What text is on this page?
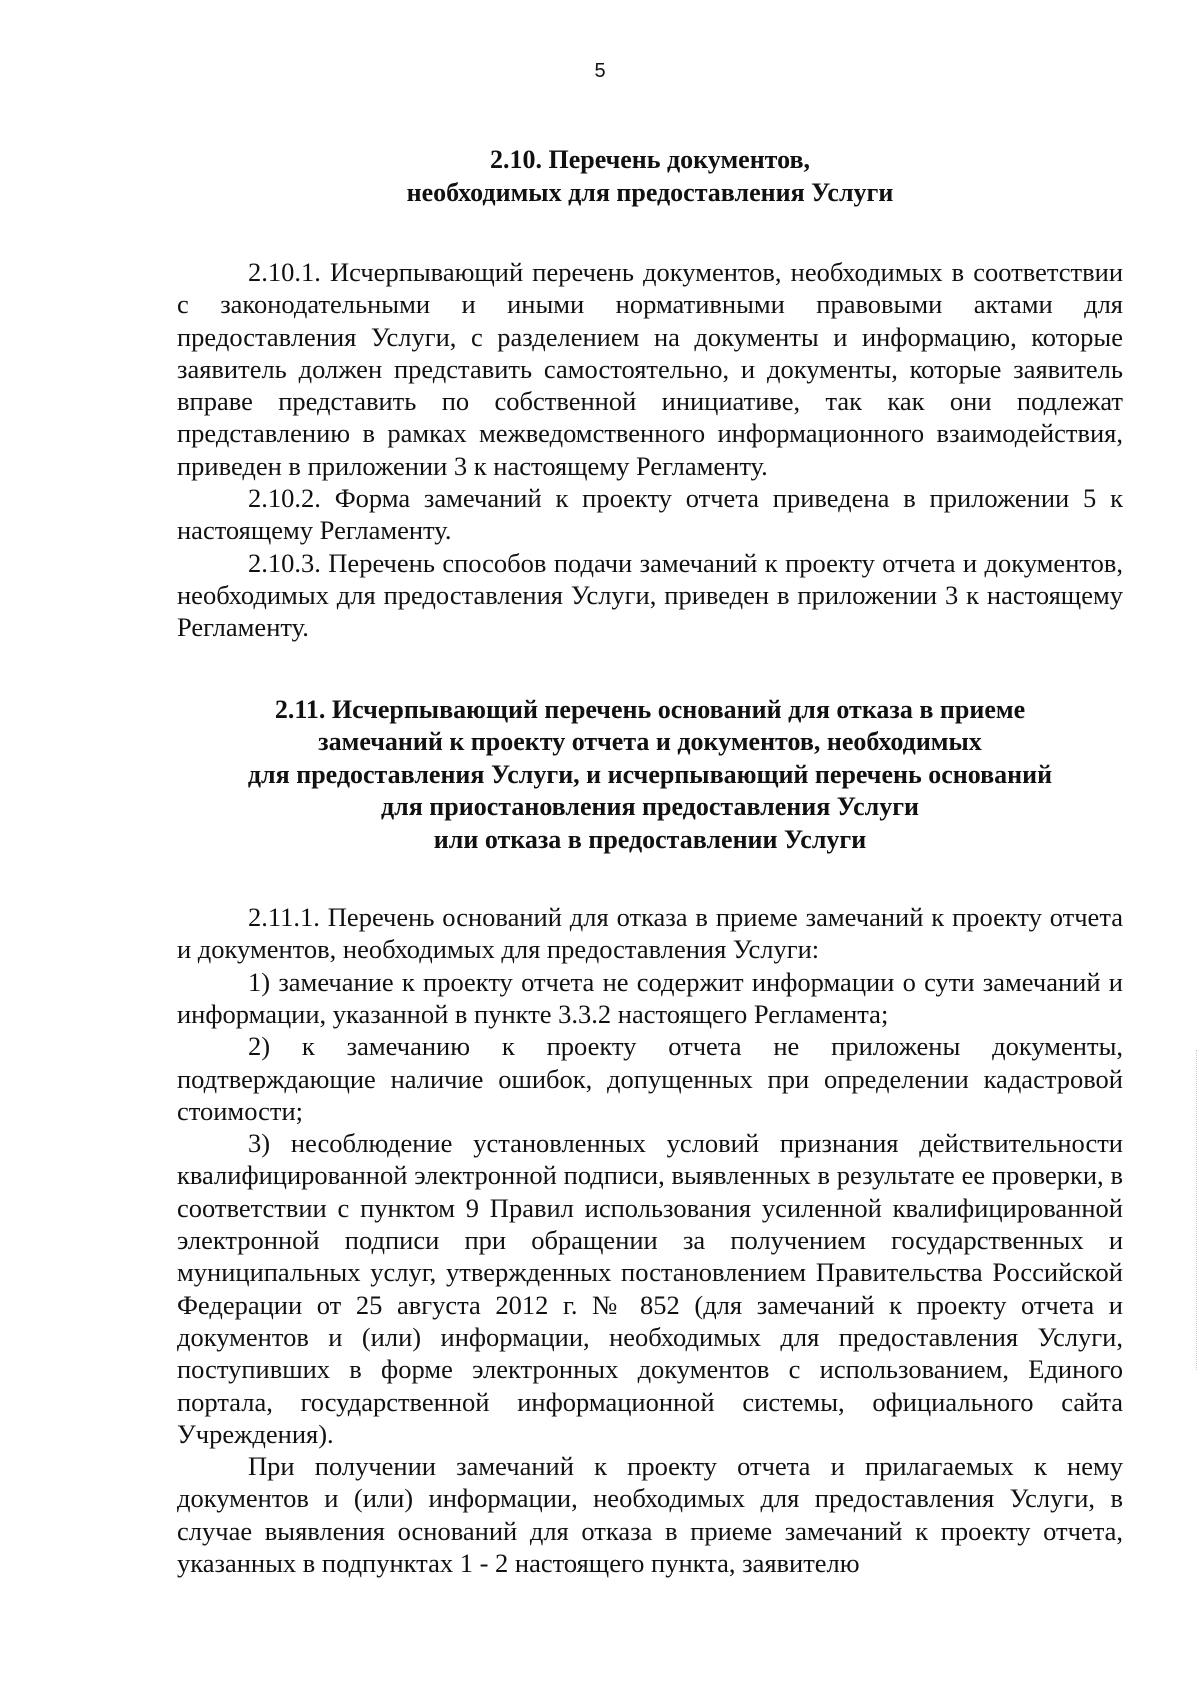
5
2.10. Перечень документов,
необходимых для предоставления Услуги

2.10.1. Исчерпывающий перечень документов, необходимых в соответствии с законодательными и иными нормативными правовыми актами для предоставления Услуги, с разделением на документы и информацию, которые заявитель должен представить самостоятельно, и документы, которые заявитель вправе представить по собственной инициативе, так как они подлежат представлению в рамках межведомственного информационного взаимодействия, приведен в приложении 3 к настоящему Регламенту.

2.10.2. Форма замечаний к проекту отчета приведена в приложении 5 к настоящему Регламенту.

2.10.3. Перечень способов подачи замечаний к проекту отчета и документов, необходимых для предоставления Услуги, приведен в приложении 3 к настоящему Регламенту.

2.11. Исчерпывающий перечень оснований для отказа в приеме
замечаний к проекту отчета и документов, необходимых
для предоставления Услуги, и исчерпывающий перечень оснований
для приостановления предоставления Услуги
или отказа в предоставлении Услуги

2.11.1. Перечень оснований для отказа в приеме замечаний к проекту отчета и документов, необходимых для предоставления Услуги:

1) замечание к проекту отчета не содержит информации о сути замечаний и информации, указанной в пункте 3.3.2 настоящего Регламента;

2) к замечанию к проекту отчета не приложены документы, подтверждающие наличие ошибок, допущенных при определении кадастровой стоимости;

3) несоблюдение установленных условий признания действительности квалифицированной электронной подписи, выявленных в результате ее проверки, в соответствии с пунктом 9 Правил использования усиленной квалифицированной электронной подписи при обращении за получением государственных и муниципальных услуг, утвержденных постановлением Правительства Российской Федерации от 25 августа 2012 г. № 852 (для замечаний к проекту отчета и документов и (или) информации, необходимых для предоставления Услуги, поступивших в форме электронных документов с использованием, Единого портала, государственной информационной системы, официального сайта Учреждения).

При получении замечаний к проекту отчета и прилагаемых к нему документов и (или) информации, необходимых для предоставления Услуги, в случае выявления оснований для отказа в приеме замечаний к проекту отчета, указанных в подпунктах 1 - 2 настоящего пункта, заявителю
